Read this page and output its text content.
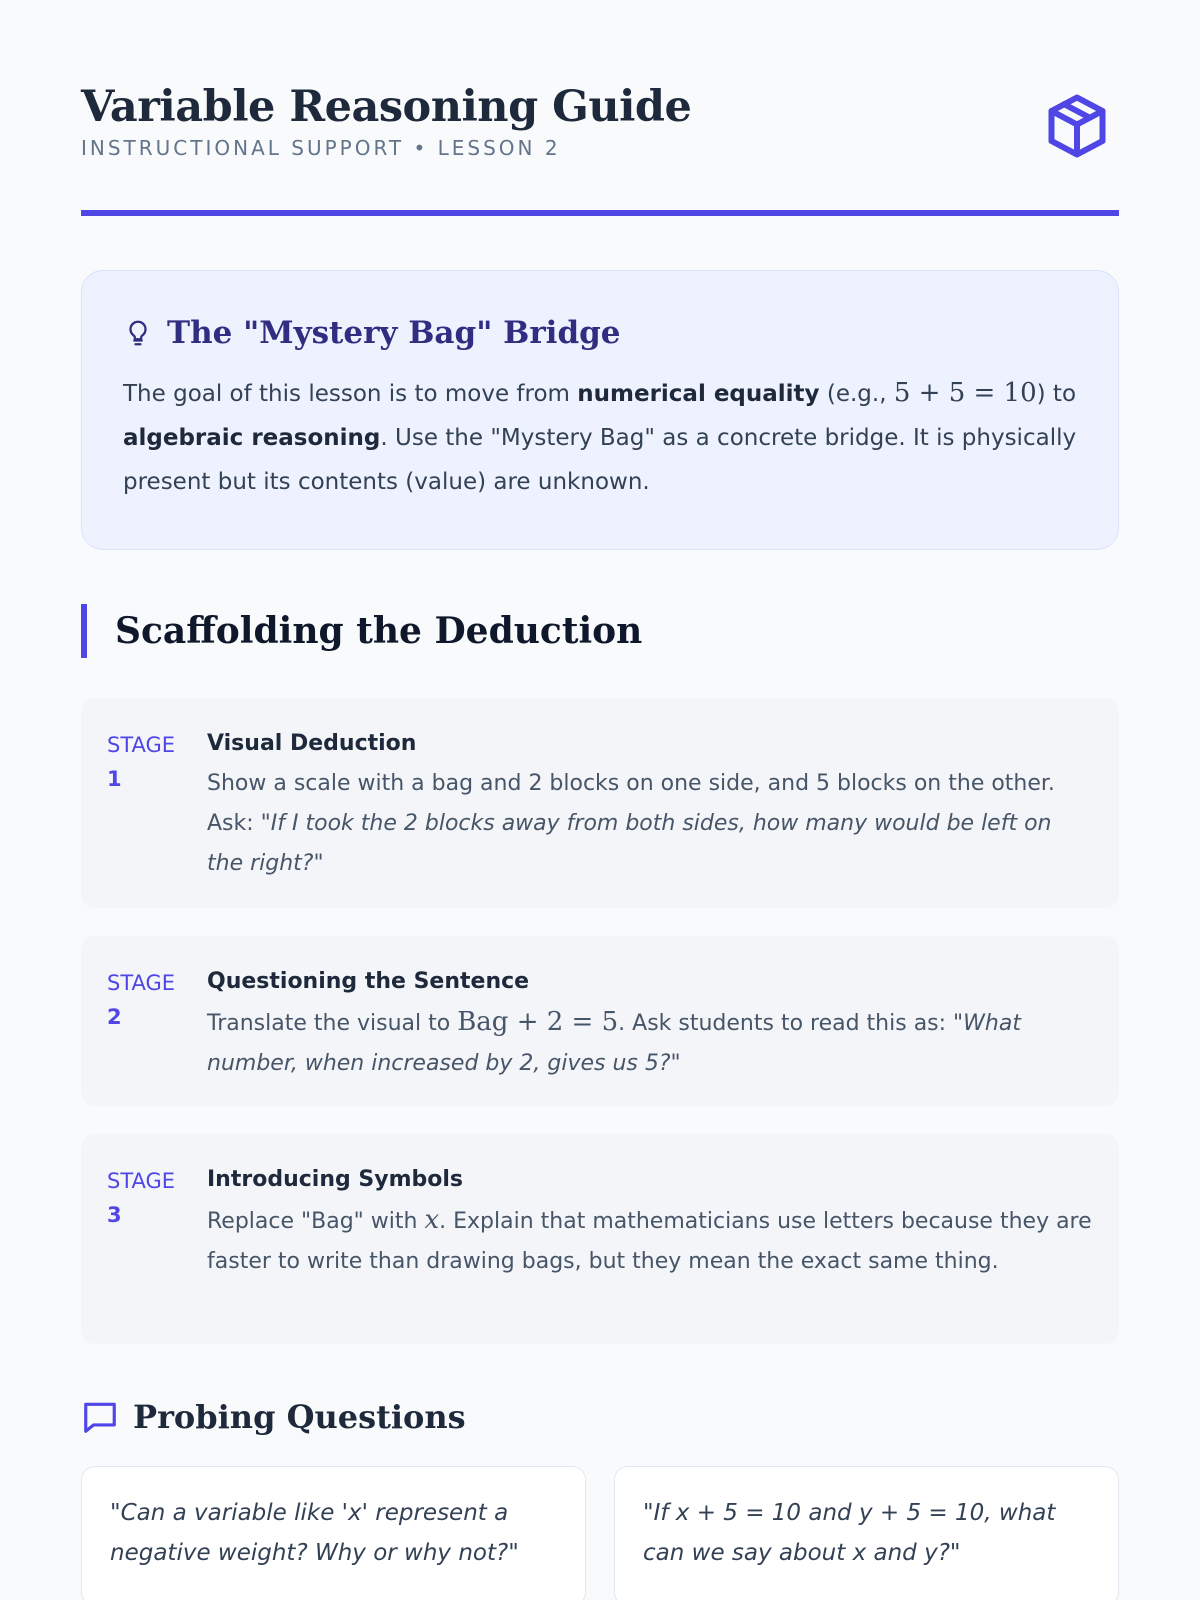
Variable Reasoning Guide
INSTRUCTIONAL SUPPORT • LESSON 2
The "Mystery Bag" Bridge
The goal of this lesson is to move from numerical equality (e.g., 5 + 5 = 10) to algebraic reasoning. Use the "Mystery Bag" as a concrete bridge. It is physically present but its contents (value) are unknown.
Scaffolding the Deduction
STAGE
1
Visual Deduction
Show a scale with a bag and 2 blocks on one side, and 5 blocks on the other. Ask: "If I took the 2 blocks away from both sides, how many would be left on the right?"
STAGE
2
Questioning the Sentence
Translate the visual to Bag + 2 = 5. Ask students to read this as: "What number, when increased by 2, gives us 5?"
STAGE
3
Introducing Symbols
Replace "Bag" with x. Explain that mathematicians use letters because they are faster to write than drawing bags, but they mean the exact same thing.
Probing Questions
"Can a variable like 'x' represent a negative weight? Why or why not?"
"If x + 5 = 10 and y + 5 = 10, what can we say about x and y?"
